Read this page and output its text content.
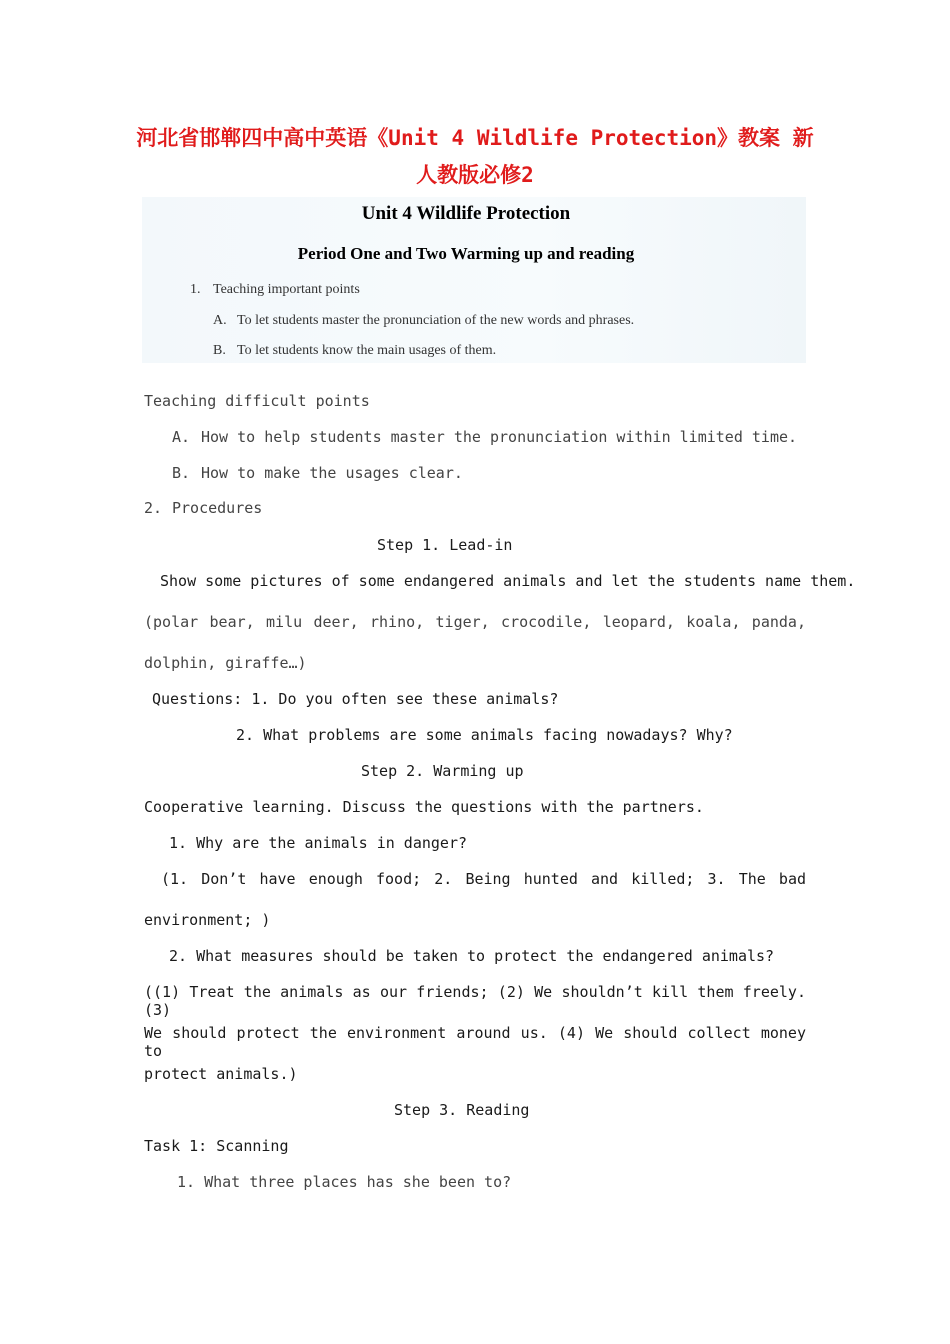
河北省邯郸四中高中英语《Unit 4 Wildlife Protection》教案 新
人教版必修2
Unit 4 Wildlife Protection
Period One and Two Warming up and reading
1. Teaching important points
A. To let students master the pronunciation of the new words and phrases.
B. To let students know the main usages of them.
Teaching difficult points
A. How to help students master the pronunciation within limited time.
B. How to make the usages clear.
2. Procedures
Step 1. Lead-in
Show some pictures of some endangered animals and let the students name them.
(polar bear, milu deer, rhino, tiger, crocodile, leopard, koala, panda,
dolphin, giraffe…)
Questions: 1. Do you often see these animals?
2. What problems are some animals facing nowadays? Why?
Step 2. Warming up
Cooperative learning. Discuss the questions with the partners.
1. Why are the animals in danger?
(1. Don’t have enough food; 2. Being hunted and killed; 3. The bad
environment; )
2. What measures should be taken to protect the endangered animals?
((1) Treat the animals as our friends; (2) We shouldn’t kill them freely. (3)
We should protect the environment around us. (4) We should collect money to
protect animals.)
Step 3. Reading
Task 1: Scanning
1. What three places has she been to?
